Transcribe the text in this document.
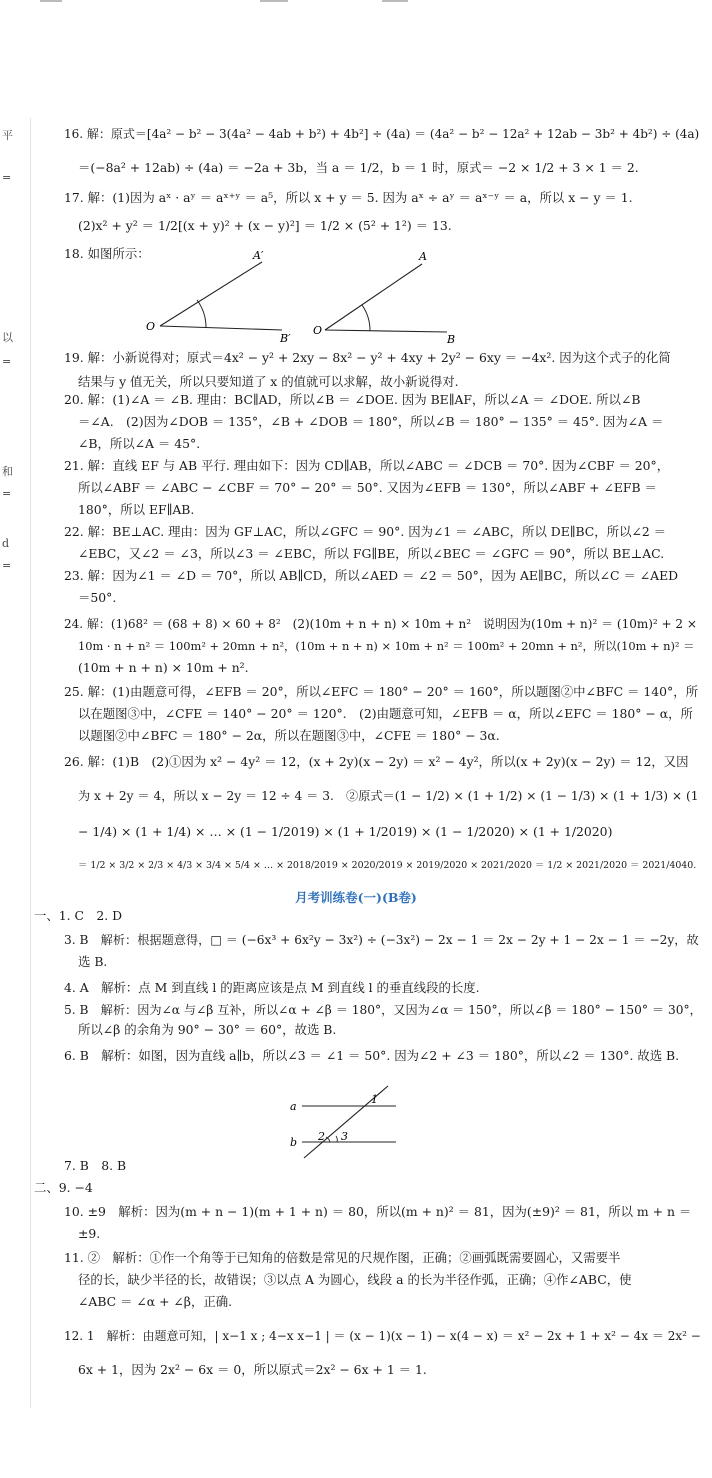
平
=
以
=
和
=
d
=
16. 解：原式＝[4a² − b² − 3(4a² − 4ab + b²) + 4b²] ÷ (4a) ＝ (4a² − b² − 12a² + 12ab − 3b² + 4b²) ÷ (4a)
＝(−8a² + 12ab) ÷ (4a) ＝ −2a + 3b，当 a ＝ 1/2，b ＝ 1 时，原式＝ −2 × 1/2 + 3 × 1 ＝ 2.
17. 解：(1)因为 aˣ · aʸ ＝ aˣ⁺ʸ ＝ a⁵，所以 x + y ＝ 5. 因为 aˣ ÷ aʸ ＝ aˣ⁻ʸ ＝ a，所以 x − y ＝ 1.
(2)x² + y² ＝ 1/2[(x + y)² + (x − y)²] ＝ 1/2 × (5² + 1²) ＝ 13.
18. 如图所示：
O
A′
B′
O
A
B
19. 解：小新说得对；原式＝4x² − y² + 2xy − 8x² − y² + 4xy + 2y² − 6xy ＝ −4x². 因为这个式子的化简
结果与 y 值无关，所以只要知道了 x 的值就可以求解，故小新说得对.
20. 解：(1)∠A ＝ ∠B. 理由：BC∥AD，所以∠B ＝ ∠DOE. 因为 BE∥AF，所以∠A ＝ ∠DOE. 所以∠B
＝∠A.　(2)因为∠DOB ＝ 135°，∠B + ∠DOB ＝ 180°，所以∠B ＝ 180° − 135° ＝ 45°. 因为∠A ＝
∠B，所以∠A ＝ 45°.
21. 解：直线 EF 与 AB 平行. 理由如下：因为 CD∥AB，所以∠ABC ＝ ∠DCB ＝ 70°. 因为∠CBF ＝ 20°，
所以∠ABF ＝ ∠ABC − ∠CBF ＝ 70° − 20° ＝ 50°. 又因为∠EFB ＝ 130°，所以∠ABF + ∠EFB ＝
180°，所以 EF∥AB.
22. 解：BE⊥AC. 理由：因为 GF⊥AC，所以∠GFC ＝ 90°. 因为∠1 ＝ ∠ABC，所以 DE∥BC，所以∠2 ＝
∠EBC，又∠2 ＝ ∠3，所以∠3 ＝ ∠EBC，所以 FG∥BE，所以∠BEC ＝ ∠GFC ＝ 90°，所以 BE⊥AC.
23. 解：因为∠1 ＝ ∠D ＝ 70°，所以 AB∥CD，所以∠AED ＝ ∠2 ＝ 50°，因为 AE∥BC，所以∠C ＝ ∠AED
＝50°.
24. 解：(1)68² ＝ (68 + 8) × 60 + 8²　(2)(10m + n + n) × 10m + n²　说明因为(10m + n)² ＝ (10m)² + 2 ×
10m · n + n² ＝ 100m² + 20mn + n²，(10m + n + n) × 10m + n² ＝ 100m² + 20mn + n²，所以(10m + n)² ＝
(10m + n + n) × 10m + n².
25. 解：(1)由题意可得，∠EFB ＝ 20°，所以∠EFC ＝ 180° − 20° ＝ 160°，所以题图②中∠BFC ＝ 140°，所
以在题图③中，∠CFE ＝ 140° − 20° ＝ 120°.　(2)由题意可知，∠EFB ＝ α，所以∠EFC ＝ 180° − α，所
以题图②中∠BFC ＝ 180° − 2α，所以在题图③中，∠CFE ＝ 180° − 3α.
26. 解：(1)B　(2)①因为 x² − 4y² ＝ 12，(x + 2y)(x − 2y) ＝ x² − 4y²，所以(x + 2y)(x − 2y) ＝ 12，又因
为 x + 2y ＝ 4，所以 x − 2y ＝ 12 ÷ 4 ＝ 3.　②原式＝(1 − 1/2) × (1 + 1/2) × (1 − 1/3) × (1 + 1/3) × (1
− 1/4) × (1 + 1/4) × … × (1 − 1/2019) × (1 + 1/2019) × (1 − 1/2020) × (1 + 1/2020)
＝ 1/2 × 3/2 × 2/3 × 4/3 × 3/4 × 5/4 × … × 2018/2019 × 2020/2019 × 2019/2020 × 2021/2020 ＝ 1/2 × 2021/2020 ＝ 2021/4040.
月考训练卷(一)(B卷)
一、1. C　2. D
3. B　解析：根据题意得，□ ＝ (−6x³ + 6x²y − 3x²) ÷ (−3x²) − 2x − 1 ＝ 2x − 2y + 1 − 2x − 1 ＝ −2y，故
选 B.
4. A　解析：点 M 到直线 l 的距离应该是点 M 到直线 l 的垂直线段的长度.
5. B　解析：因为∠α 与∠β 互补，所以∠α + ∠β ＝ 180°，又因为∠α ＝ 150°，所以∠β ＝ 180° − 150° ＝ 30°，
所以∠β 的余角为 90° − 30° ＝ 60°，故选 B.
6. B　解析：如图，因为直线 a∥b，所以∠3 ＝ ∠1 ＝ 50°. 因为∠2 + ∠3 ＝ 180°，所以∠2 ＝ 130°. 故选 B.
a
b
1
2 3
7. B　8. B
二、9. −4
10. ±9　解析：因为(m + n − 1)(m + 1 + n) ＝ 80，所以(m + n)² ＝ 81，因为(±9)² ＝ 81，所以 m + n ＝
±9.
11. ②　解析：①作一个角等于已知角的倍数是常见的尺规作图，正确；②画弧既需要圆心，又需要半
径的长，缺少半径的长，故错误；③以点 A 为圆心，线段 a 的长为半径作弧，正确；④作∠ABC，使
∠ABC ＝ ∠α + ∠β，正确.
12. 1　解析：由题意可知，| x−1 x ; 4−x x−1 | ＝ (x − 1)(x − 1) − x(4 − x) ＝ x² − 2x + 1 + x² − 4x ＝ 2x² −
6x + 1，因为 2x² − 6x ＝ 0，所以原式＝2x² − 6x + 1 ＝ 1.
